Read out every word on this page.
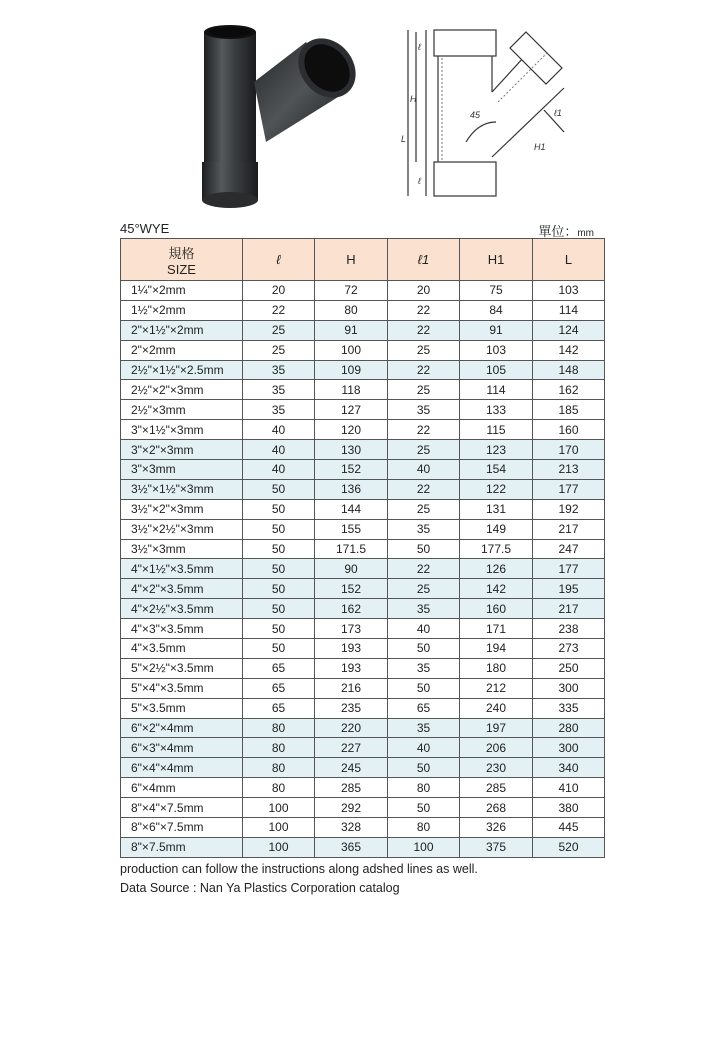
L
H
ℓ
ℓ
45
H1
ℓ1
45°WYE	單位：mm
規格
SIZE	ℓ	H	ℓ1	H1	L
1¼"×2mm	20	72	20	75	103
1½"×2mm	22	80	22	84	114
2"×1½"×2mm	25	91	22	91	124
2"×2mm	25	100	25	103	142
2½"×1½"×2.5mm	35	109	22	105	148
2½"×2"×3mm	35	118	25	114	162
2½"×3mm	35	127	35	133	185
3"×1½"×3mm	40	120	22	115	160
3"×2"×3mm	40	130	25	123	170
3"×3mm	40	152	40	154	213
3½"×1½"×3mm	50	136	22	122	177
3½"×2"×3mm	50	144	25	131	192
3½"×2½"×3mm	50	155	35	149	217
3½"×3mm	50	171.5	50	177.5	247
4"×1½"×3.5mm	50	90	22	126	177
4"×2"×3.5mm	50	152	25	142	195
4"×2½"×3.5mm	50	162	35	160	217
4"×3"×3.5mm	50	173	40	171	238
4"×3.5mm	50	193	50	194	273
5"×2½"×3.5mm	65	193	35	180	250
5"×4"×3.5mm	65	216	50	212	300
5"×3.5mm	65	235	65	240	335
6"×2"×4mm	80	220	35	197	280
6"×3"×4mm	80	227	40	206	300
6"×4"×4mm	80	245	50	230	340
6"×4mm	80	285	80	285	410
8"×4"×7.5mm	100	292	50	268	380
8"×6"×7.5mm	100	328	80	326	445
8"×7.5mm	100	365	100	375	520
production can follow the instructions along adshed lines as well.
Data Source : Nan Ya Plastics Corporation catalog
